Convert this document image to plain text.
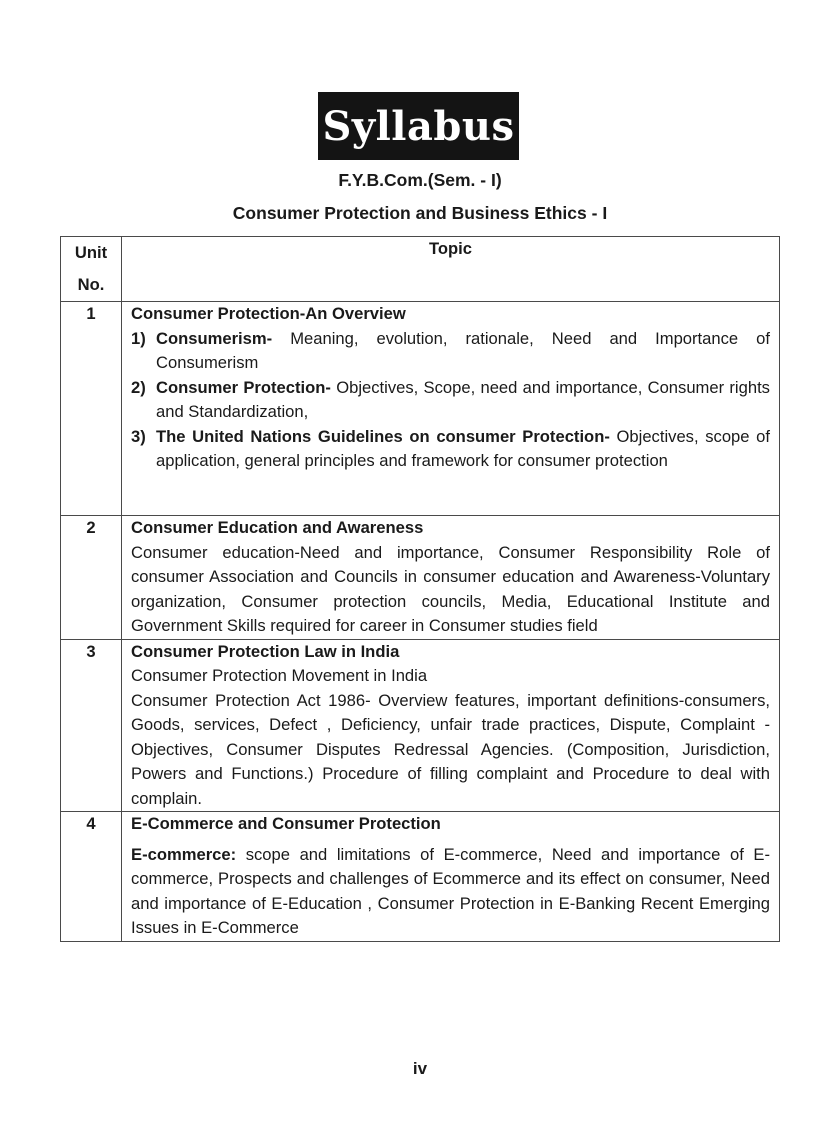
Syllabus
F.Y.B.Com.(Sem. - I)
Consumer Protection and Business Ethics - I
Unit
No.	Topic
1	Consumer Protection-An Overview
1) Consumerism- Meaning, evolution, rationale, Need and Importance of Consumerism
2) Consumer Protection- Objectives, Scope, need and importance, Consumer rights and Standardization,
3) The United Nations Guidelines on consumer Protection- Objectives, scope of application, general principles and framework for consumer protection

2	Consumer Education and Awareness
Consumer education-Need and importance, Consumer Responsibility Role of consumer Association and Councils in consumer education and Awareness-Voluntary organization, Consumer protection councils, Media, Educational Institute and Government Skills required for career in Consumer studies field

3	Consumer Protection Law in India
Consumer Protection Movement in India
Consumer Protection Act 1986- Overview features, important definitions-consumers, Goods, services, Defect , Deficiency, unfair trade practices, Dispute, Complaint -Objectives, Consumer Disputes Redressal Agencies. (Composition, Jurisdiction, Powers and Functions.) Procedure of filling complaint and Procedure to deal with complain.

4	E-Commerce and Consumer Protection
E-commerce: scope and limitations of E-commerce, Need and importance of E- commerce, Prospects and challenges of Ecommerce and its effect on consumer, Need and importance of E-Education , Consumer Protection in E-Banking Recent Emerging Issues in E-Commerce
iv
